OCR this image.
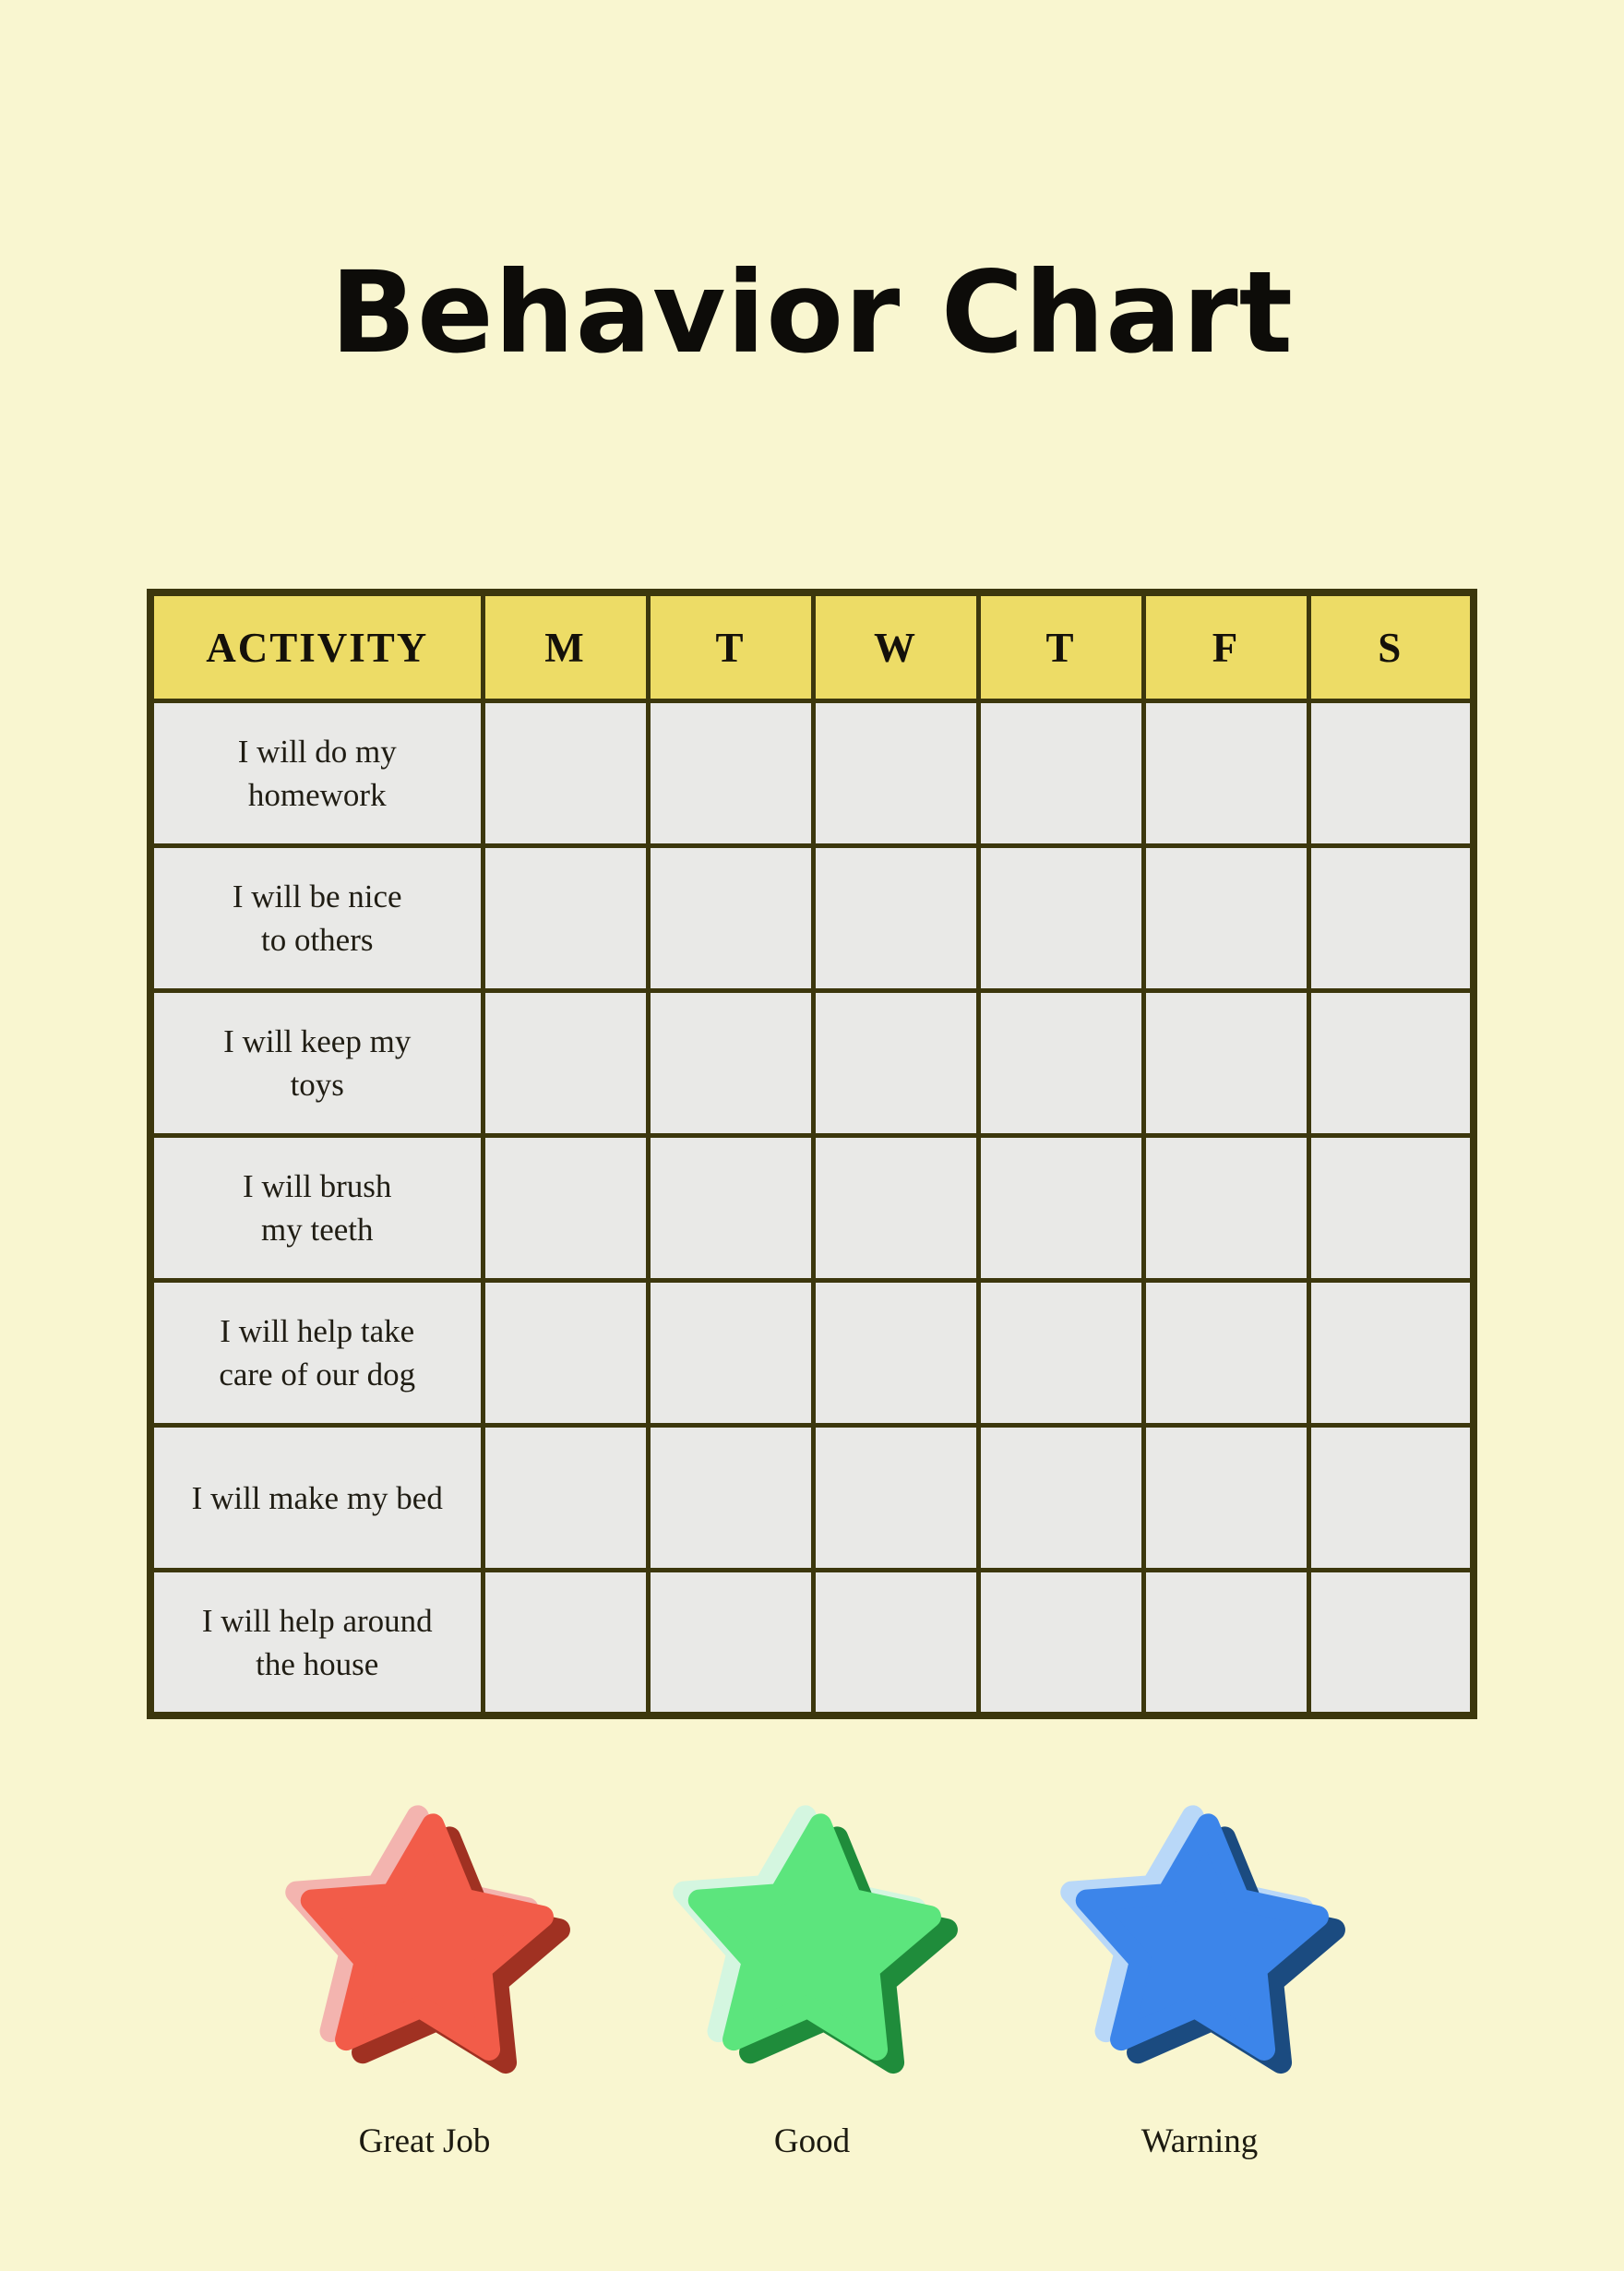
Behavior Chart
ACTIVITY	M	T	W	T	F	S

I will do my
homework						

I will be nice
to others						

I will keep my
toys						

I will brush
my teeth						

I will help take
care of our dog						

I will make my bed						

I will help around
the house						

Great Job	Good	Warning
